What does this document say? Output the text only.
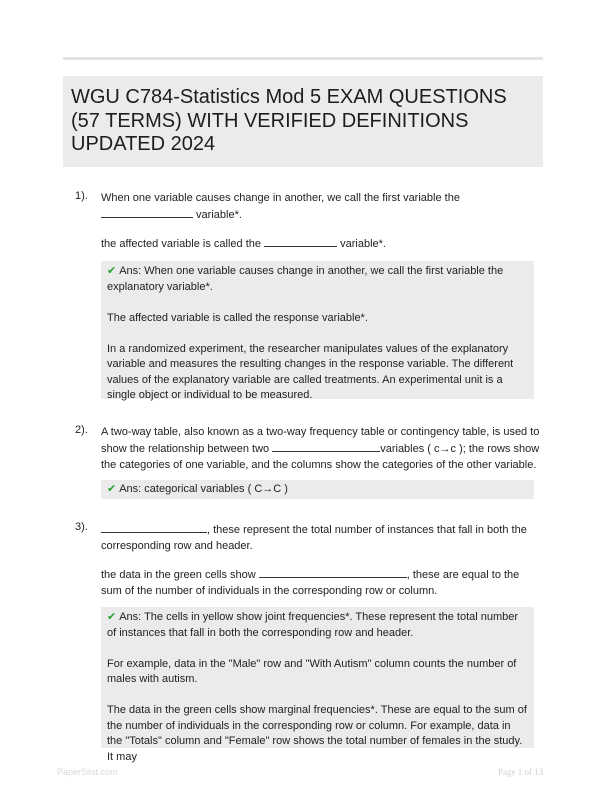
WGU C784-Statistics Mod 5 EXAM QUESTIONS (57 TERMS) WITH VERIFIED DEFINITIONS UPDATED 2024
1). When one variable causes change in another, we call the first variable the
variable*.
the affected variable is called the	variable*.

✔ Ans: When one variable causes change in another, we call the first variable the explanatory variable*.

The affected variable is called the response variable*.

In a randomized experiment, the researcher manipulates values of the explanatory variable and measures the resulting changes in the response variable. The different values of the explanatory variable are called treatments. An experimental unit is a single object or individual to be measured.

2). A two-way table, also known as a two-way frequency table or contingency table, is used to show the relationship between two	variables ( c→c ); the rows show the categories of one variable, and the columns show the categories of the other variable.

✔ Ans: categorical variables ( C→C )

3).	, these represent the total number of instances that fall in both the corresponding row and header.
the data in the green cells show	, these are equal to the sum of the number of individuals in the corresponding row or column.

✔ Ans: The cells in yellow show joint frequencies*. These represent the total number of instances that fall in both the corresponding row and header.

For example, data in the "Male" row and "With Autism" column counts the number of males with autism.

The data in the green cells show marginal frequencies*. These are equal to the sum of the number of individuals in the corresponding row or column. For example, data in the "Totals" column and "Female" row shows the total number of females in the study. It may

PaperSlist.com	Page 1 of 13
